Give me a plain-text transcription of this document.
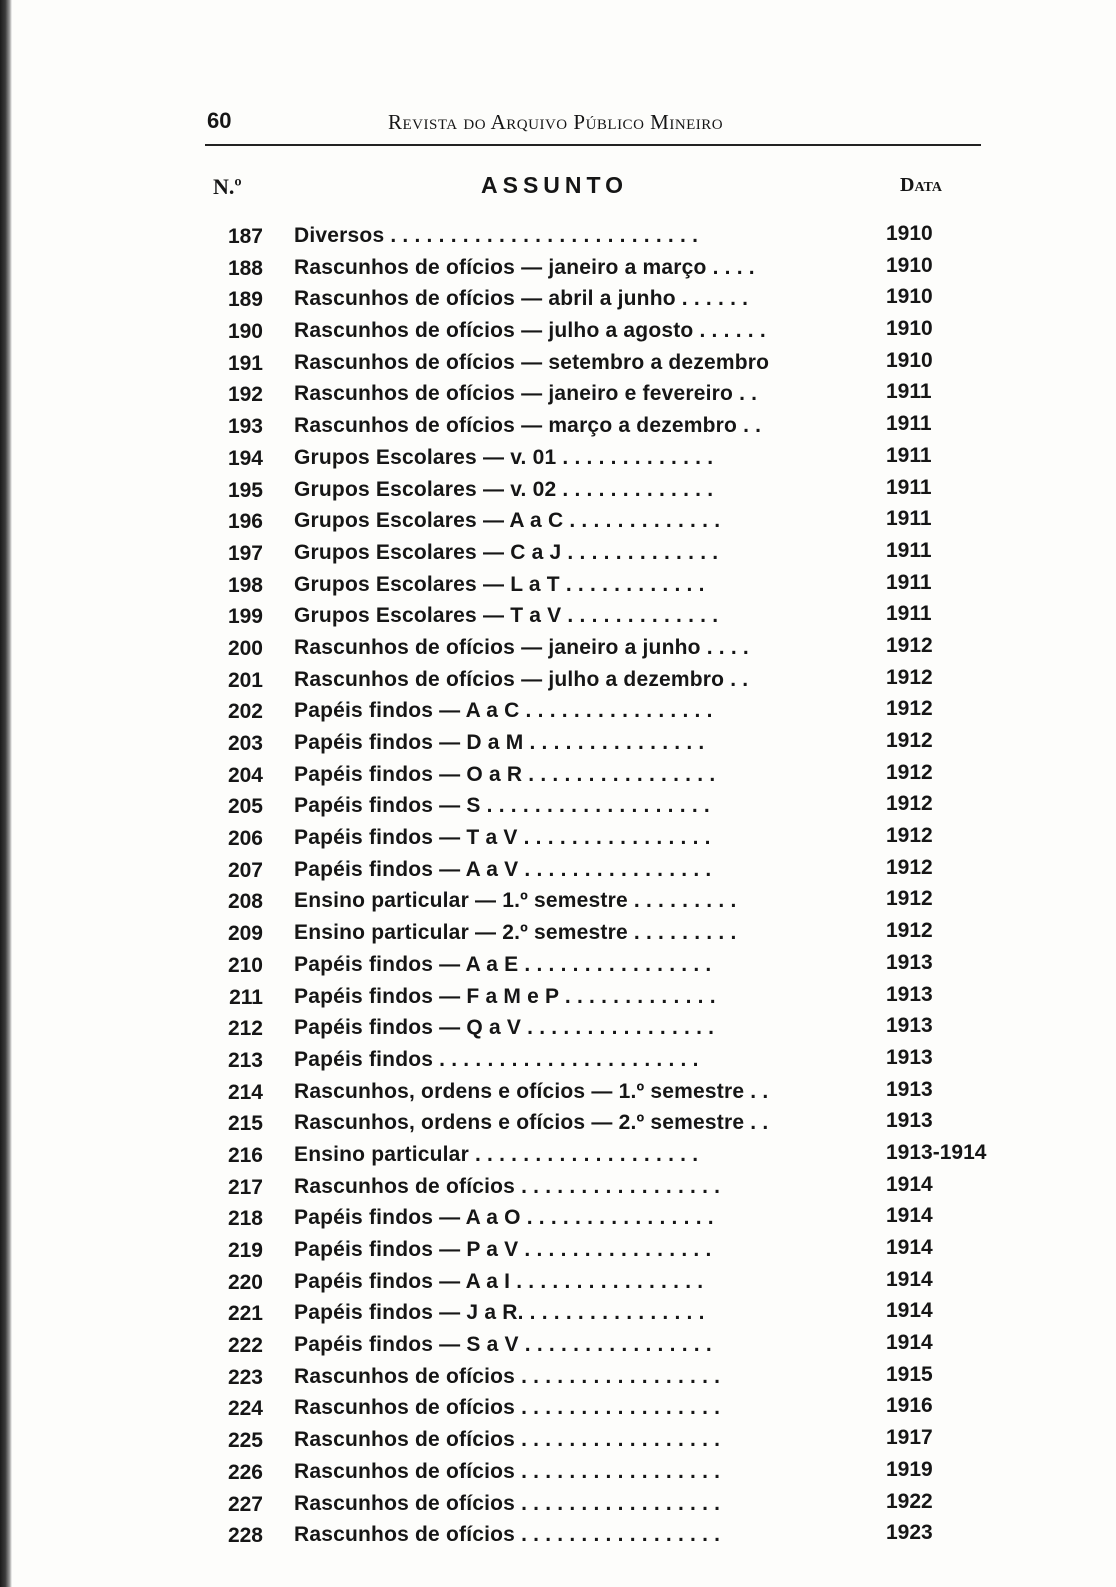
60	Revista do Arquivo Público Mineiro
N.º	ASSUNTO	Data
187 Diversos . . . . . . . . . . . . . . . . . . . . . . . . . .	1910
188 Rascunhos de ofícios — janeiro a março . . . .	1910
189 Rascunhos de ofícios — abril a junho . . . . . .	1910
190 Rascunhos de ofícios — julho a agosto . . . . . .	1910
191 Rascunhos de ofícios — setembro a dezembro	1910
192 Rascunhos de ofícios — janeiro e fevereiro . .	1911
193 Rascunhos de ofícios — março a dezembro . .	1911
194 Grupos Escolares — v. 01 . . . . . . . . . . . . .	1911
195 Grupos Escolares — v. 02 . . . . . . . . . . . . .	1911
196 Grupos Escolares — A a C . . . . . . . . . . . . .	1911
197 Grupos Escolares — C a J . . . . . . . . . . . . .	1911
198 Grupos Escolares — L a T . . . . . . . . . . . .	1911
199 Grupos Escolares — T a V . . . . . . . . . . . . .	1911
200 Rascunhos de ofícios — janeiro a junho . . . .	1912
201 Rascunhos de ofícios — julho a dezembro . .	1912
202 Papéis findos — A a C . . . . . . . . . . . . . . . .	1912
203 Papéis findos — D a M . . . . . . . . . . . . . . .	1912
204 Papéis findos — O a R . . . . . . . . . . . . . . . .	1912
205 Papéis findos — S . . . . . . . . . . . . . . . . . . .	1912
206 Papéis findos — T a V . . . . . . . . . . . . . . . .	1912
207 Papéis findos — A a V . . . . . . . . . . . . . . . .	1912
208 Ensino particular — 1.º semestre . . . . . . . . .	1912
209 Ensino particular — 2.º semestre . . . . . . . . .	1912
210 Papéis findos — A a E . . . . . . . . . . . . . . . .	1913
211 Papéis findos — F a M e P . . . . . . . . . . . . .	1913
212 Papéis findos — Q a V . . . . . . . . . . . . . . . .	1913
213 Papéis findos . . . . . . . . . . . . . . . . . . . . . .	1913
214 Rascunhos, ordens e ofícios — 1.º semestre . .	1913
215 Rascunhos, ordens e ofícios — 2.º semestre . .	1913
216 Ensino particular . . . . . . . . . . . . . . . . . . .	1913-1914
217 Rascunhos de ofícios . . . . . . . . . . . . . . . . .	1914
218 Papéis findos — A a O . . . . . . . . . . . . . . . .	1914
219 Papéis findos — P a V . . . . . . . . . . . . . . . .	1914
220 Papéis findos — A a I . . . . . . . . . . . . . . . .	1914
221 Papéis findos — J a R. . . . . . . . . . . . . . . .	1914
222 Papéis findos — S a V . . . . . . . . . . . . . . . .	1914
223 Rascunhos de ofícios . . . . . . . . . . . . . . . . .	1915
224 Rascunhos de ofícios . . . . . . . . . . . . . . . . .	1916
225 Rascunhos de ofícios . . . . . . . . . . . . . . . . .	1917
226 Rascunhos de ofícios . . . . . . . . . . . . . . . . .	1919
227 Rascunhos de ofícios . . . . . . . . . . . . . . . . .	1922
228 Rascunhos de ofícios . . . . . . . . . . . . . . . . .	1923
